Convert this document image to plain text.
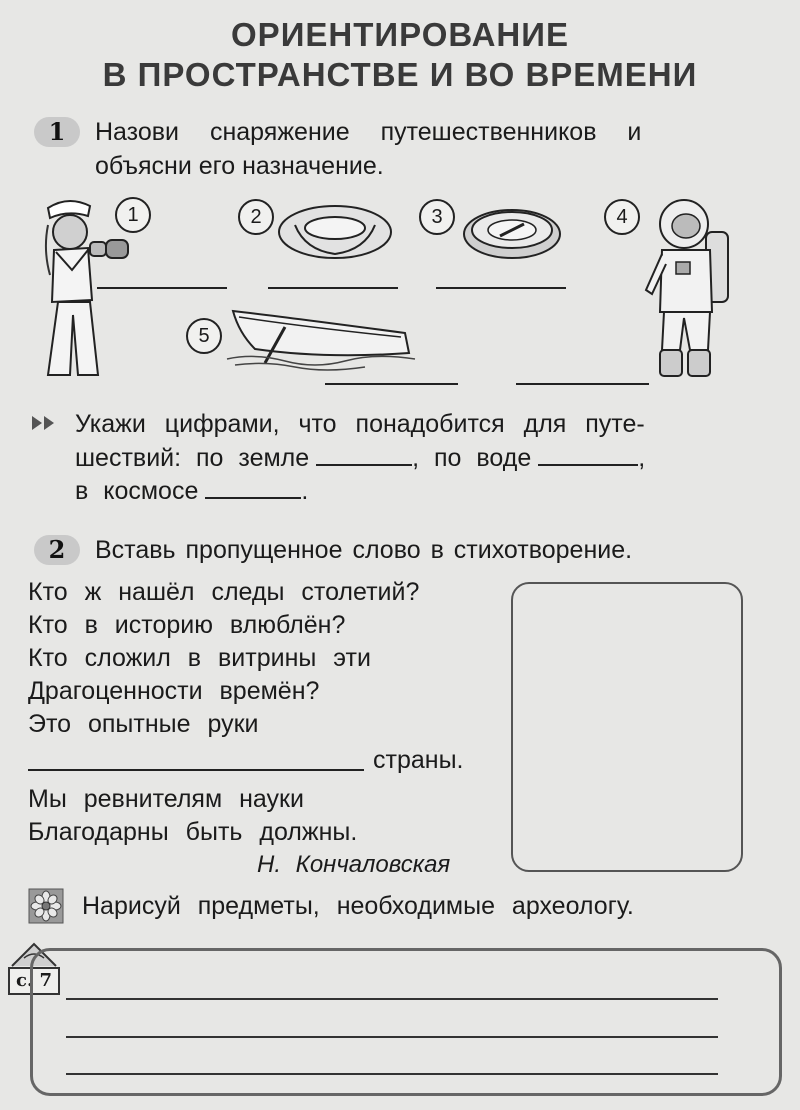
ОРИЕНТИРОВАНИЕ
В ПРОСТРАНСТВЕ И ВО ВРЕМЕНИ
1	Назови снаряжение путешественников и
объясни его назначение.
1	2	3	4
5
Укажи цифрами, что понадобится для путе-
шествий: по земле	, по воде	,
в космосе	.
2	Вставь пропущенное слово в стихотворение.
Кто ж нашёл следы столетий?
Кто в историю влюблён?
Кто сложил в витрины эти
Драгоценности времён?
Это опытные руки
страны.
Мы ревнителям науки
Благодарны быть должны.
Н. Кончаловская
Нарисуй предметы, необходимые археологу.
с. 7
